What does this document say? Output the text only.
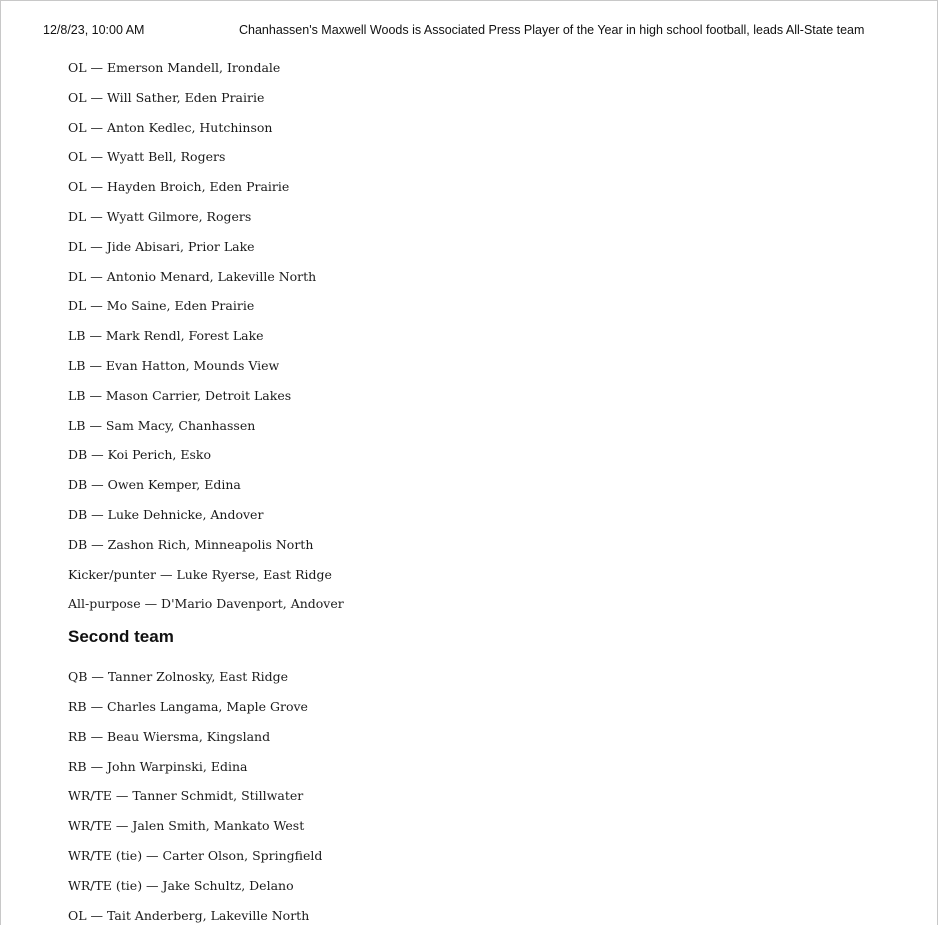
12/8/23, 10:00 AM	Chanhassen's Maxwell Woods is Associated Press Player of the Year in high school football, leads All-State team
OL — Emerson Mandell, Irondale
OL — Will Sather, Eden Prairie
OL — Anton Kedlec, Hutchinson
OL — Wyatt Bell, Rogers
OL — Hayden Broich, Eden Prairie
DL — Wyatt Gilmore, Rogers
DL — Jide Abisari, Prior Lake
DL — Antonio Menard, Lakeville North
DL — Mo Saine, Eden Prairie
LB — Mark Rendl, Forest Lake
LB — Evan Hatton, Mounds View
LB — Mason Carrier, Detroit Lakes
LB — Sam Macy, Chanhassen
DB — Koi Perich, Esko
DB — Owen Kemper, Edina
DB — Luke Dehnicke, Andover
DB — Zashon Rich, Minneapolis North
Kicker/punter — Luke Ryerse, East Ridge
All-purpose — D'Mario Davenport, Andover
Second team
QB — Tanner Zolnosky, East Ridge
RB — Charles Langama, Maple Grove
RB — Beau Wiersma, Kingsland
RB — John Warpinski, Edina
WR/TE — Tanner Schmidt, Stillwater
WR/TE — Jalen Smith, Mankato West
WR/TE (tie) — Carter Olson, Springfield
WR/TE (tie) — Jake Schultz, Delano
OL — Tait Anderberg, Lakeville North
